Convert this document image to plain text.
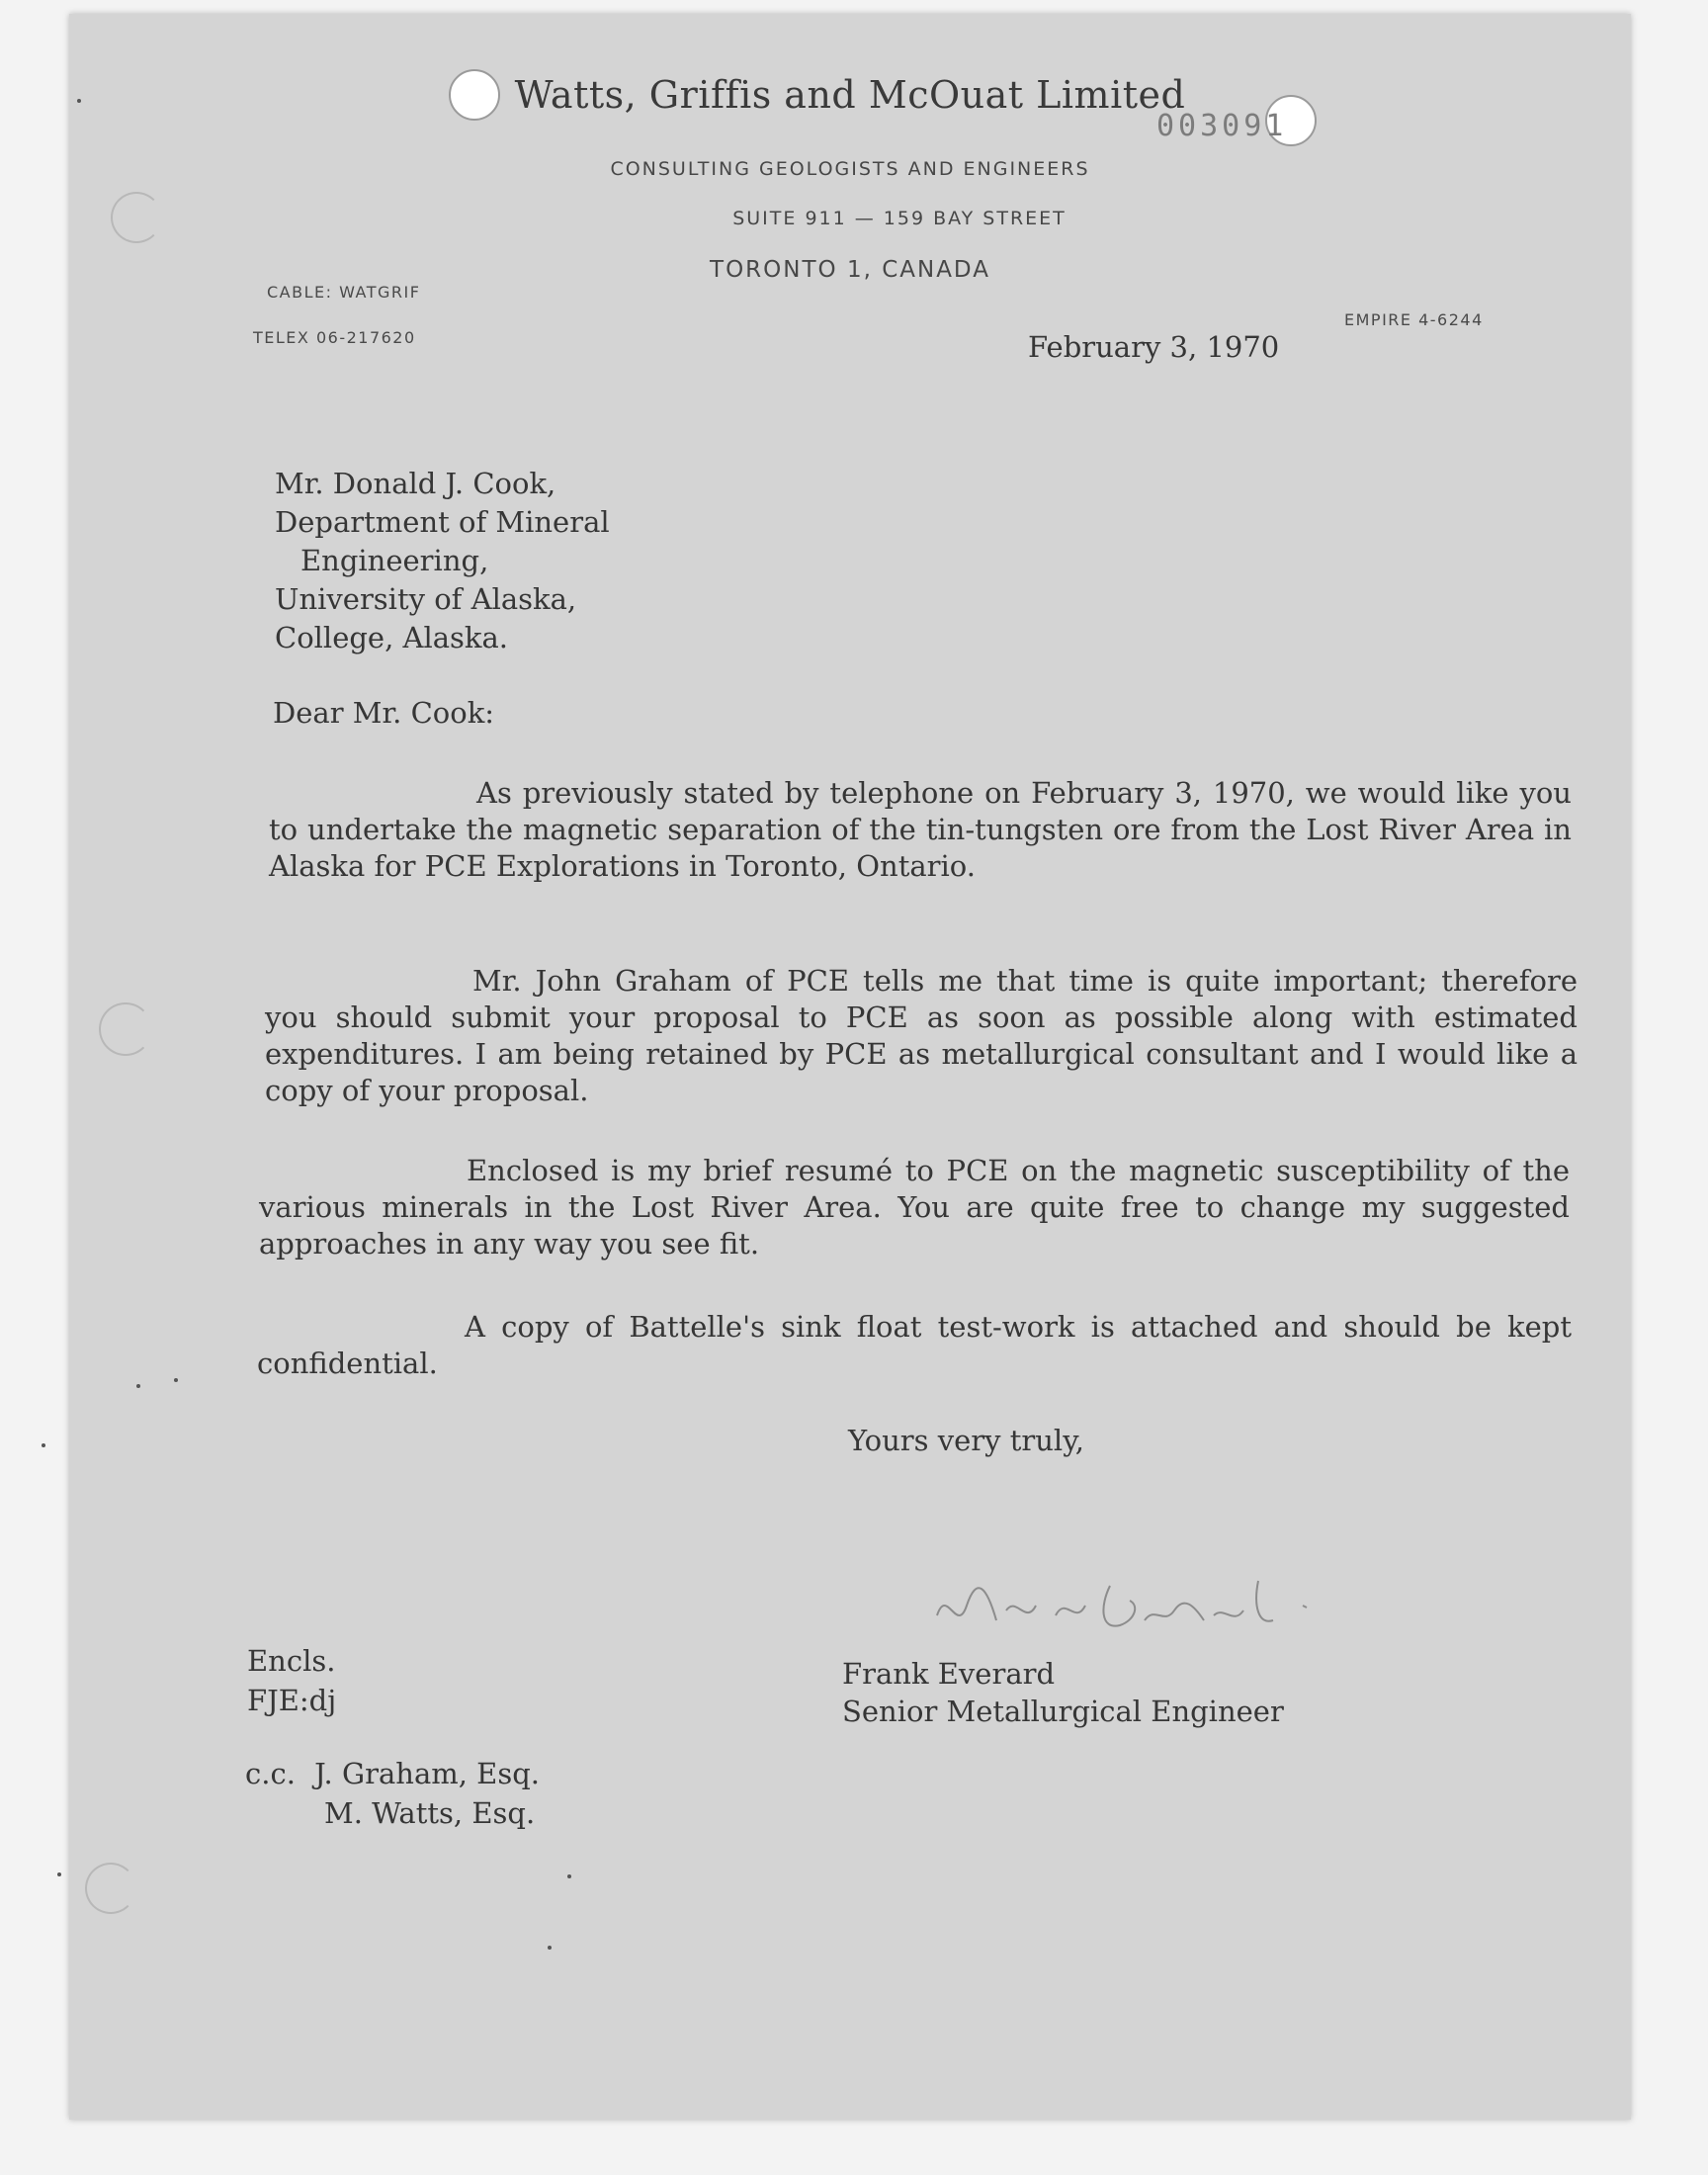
Watts, Griffis and McOuat Limited
003091
CONSULTING GEOLOGISTS AND ENGINEERS
SUITE 911 — 159 BAY STREET
TORONTO 1, CANADA
CABLE: WATGRIF
TELEX 06-217620
EMPIRE 4-6244
February 3, 1970
Mr. Donald J. Cook,
Department of Mineral
Engineering,
University of Alaska,
College, Alaska.
Dear Mr. Cook:

As previously stated by telephone on February 3, 1970, we would like you to undertake the magnetic separation of the tin-tungsten ore from the Lost River Area in Alaska for PCE Explorations in Toronto, Ontario.

Mr. John Graham of PCE tells me that time is quite important; therefore you should submit your proposal to PCE as soon as possible along with estimated expenditures. I am being retained by PCE as metallurgical consultant and I would like a copy of your proposal.

Enclosed is my brief resumé to PCE on the magnetic susceptibility of the various minerals in the Lost River Area. You are quite free to change my suggested approaches in any way you see fit.

A copy of Battelle's sink float test-work is attached and should be kept confidential.

Yours very truly,
Frank Everard
Senior Metallurgical Engineer
Encls.
FJE:dj
c.c. J. Graham, Esq.
M. Watts, Esq.
